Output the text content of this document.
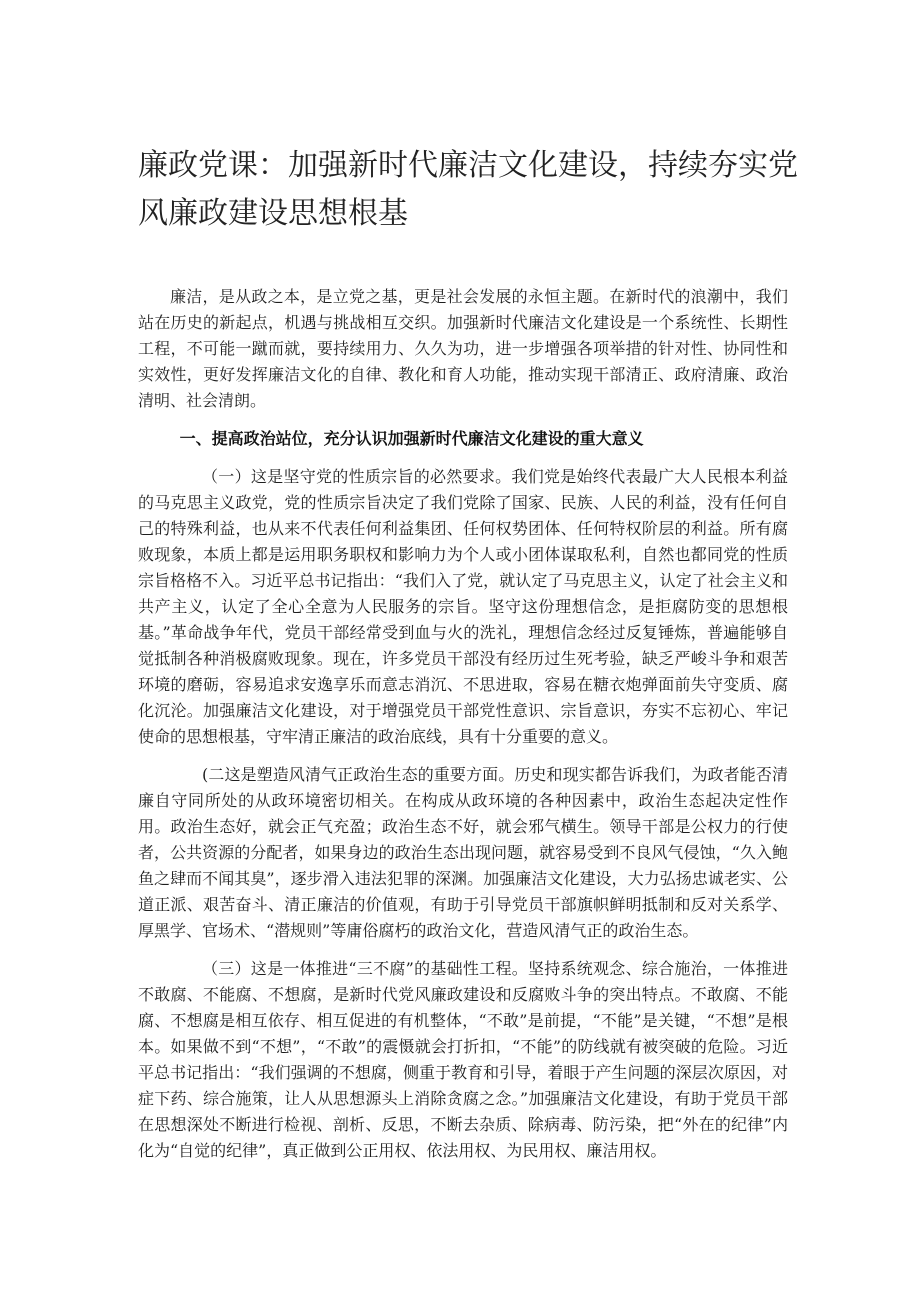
廉政党课：加强新时代廉洁文化建设，持续夯实党风廉政建设思想根基

廉洁，是从政之本，是立党之基，更是社会发展的永恒主题。在新时代的浪潮中，我们站在历史的新起点，机遇与挑战相互交织。加强新时代廉洁文化建设是一个系统性、长期性工程，不可能一蹴而就，要持续用力、久久为功，进一步增强各项举措的针对性、协同性和实效性，更好发挥廉洁文化的自律、教化和育人功能，推动实现干部清正、政府清廉、政治清明、社会清朗。

一、提高政治站位，充分认识加强新时代廉洁文化建设的重大意义

（一）这是坚守党的性质宗旨的必然要求。我们党是始终代表最广大人民根本利益的马克思主义政党，党的性质宗旨决定了我们党除了国家、民族、人民的利益，没有任何自己的特殊利益，也从来不代表任何利益集团、任何权势团体、任何特权阶层的利益。所有腐败现象，本质上都是运用职务职权和影响力为个人或小团体谋取私利，自然也都同党的性质宗旨格格不入。习近平总书记指出：“我们入了党，就认定了马克思主义，认定了社会主义和共产主义，认定了全心全意为人民服务的宗旨。坚守这份理想信念，是拒腐防变的思想根基。”革命战争年代，党员干部经常受到血与火的洗礼，理想信念经过反复锤炼，普遍能够自觉抵制各种消极腐败现象。现在，许多党员干部没有经历过生死考验，缺乏严峻斗争和艰苦环境的磨砺，容易追求安逸享乐而意志消沉、不思进取，容易在糖衣炮弹面前失守变质、腐化沉沦。加强廉洁文化建设，对于增强党员干部党性意识、宗旨意识，夯实不忘初心、牢记使命的思想根基，守牢清正廉洁的政治底线，具有十分重要的意义。

(二这是塑造风清气正政治生态的重要方面。历史和现实都告诉我们，为政者能否清廉自守同所处的从政环境密切相关。在构成从政环境的各种因素中，政治生态起决定性作用。政治生态好，就会正气充盈；政治生态不好，就会邪气横生。领导干部是公权力的行使者，公共资源的分配者，如果身边的政治生态出现问题，就容易受到不良风气侵蚀，“久入鲍鱼之肆而不闻其臭”，逐步滑入违法犯罪的深渊。加强廉洁文化建设，大力弘扬忠诚老实、公道正派、艰苦奋斗、清正廉洁的价值观，有助于引导党员干部旗帜鲜明抵制和反对关系学、厚黑学、官场术、“潜规则”等庸俗腐朽的政治文化，营造风清气正的政治生态。

（三）这是一体推进“三不腐”的基础性工程。坚持系统观念、综合施治，一体推进不敢腐、不能腐、不想腐，是新时代党风廉政建设和反腐败斗争的突出特点。不敢腐、不能腐、不想腐是相互依存、相互促进的有机整体，“不敢”是前提，“不能”是关键，“不想”是根本。如果做不到“不想”，“不敢”的震慑就会打折扣，“不能”的防线就有被突破的危险。习近平总书记指出：“我们强调的不想腐，侧重于教育和引导，着眼于产生问题的深层次原因，对症下药、综合施策，让人从思想源头上消除贪腐之念。”加强廉洁文化建设，有助于党员干部在思想深处不断进行检视、剖析、反思，不断去杂质、除病毒、防污染，把“外在的纪律”内化为“自觉的纪律”，真正做到公正用权、依法用权、为民用权、廉洁用权。
